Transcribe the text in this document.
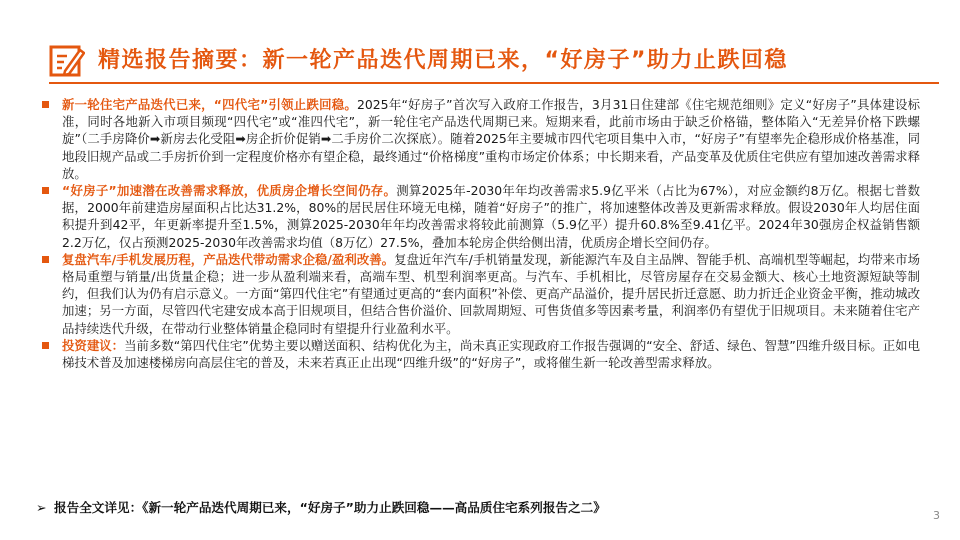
精选报告摘要：新一轮产品迭代周期已来，“好房子”助力止跌回稳
新一轮住宅产品迭代已来，“四代宅”引领止跌回稳。2025年“好房子”首次写入政府工作报告，3月31日住建部《住宅规范细则》定义“好房子”具体建设标准，同时各地新入市项目频现“四代宅”或“准四代宅”，新一轮住宅产品迭代周期已来。短期来看，此前市场由于缺乏价格锚，整体陷入“无差异价格下跌螺旋”（二手房降价➡新房去化受阻➡房企折价促销➡二手房价二次探底）。随着2025年主要城市四代宅项目集中入市，“好房子”有望率先企稳形成价格基准，同地段旧规产品或二手房折价到一定程度价格亦有望企稳，最终通过“价格梯度”重构市场定价体系；中长期来看，产品变革及优质住宅供应有望加速改善需求释放。
“好房子”加速潜在改善需求释放，优质房企增长空间仍存。测算2025年-2030年年均改善需求5.9亿平米（占比为67%），对应金额约8万亿。根据七普数据，2000年前建造房屋面积占比达31.2%，80%的居民居住环境无电梯，随着“好房子”的推广，将加速整体改善及更新需求释放。假设2030年人均居住面积提升到42平，年更新率提升至1.5%，测算2025-2030年年均改善需求将较此前测算（5.9亿平）提升60.8%至9.41亿平。2024年30强房企权益销售额2.2万亿，仅占预测2025-2030年改善需求均值（8万亿）27.5%，叠加本轮房企供给侧出清，优质房企增长空间仍存。
复盘汽车/手机发展历程，产品迭代带动需求企稳/盈利改善。复盘近年汽车/手机销量发现，新能源汽车及自主品牌、智能手机、高端机型等崛起，均带来市场格局重塑与销量/出货量企稳；进一步从盈利端来看，高端车型、机型利润率更高。与汽车、手机相比，尽管房屋存在交易金额大、核心土地资源短缺等制约，但我们认为仍有启示意义。一方面“第四代住宅”有望通过更高的“套内面积”补偿、更高产品溢价，提升居民折迁意愿、助力折迁企业资金平衡，推动城改加速；另一方面，尽管四代宅建安成本高于旧规项目，但结合售价溢价、回款周期短、可售货值多等因素考量，利润率仍有望优于旧规项目。未来随着住宅产品持续迭代升级，在带动行业整体销量企稳同时有望提升行业盈利水平。
投资建议：当前多数“第四代住宅”优势主要以赠送面积、结构优化为主，尚未真正实现政府工作报告强调的“安全、舒适、绿色、智慧”四维升级目标。正如电梯技术普及加速楼梯房向高层住宅的普及，未来若真正止出现“四维升级”的“好房子”，或将催生新一轮改善型需求释放。
➢ 报告全文详见：《新一轮产品迭代周期已来，“好房子”助力止跌回稳——高品质住宅系列报告之二》
3
